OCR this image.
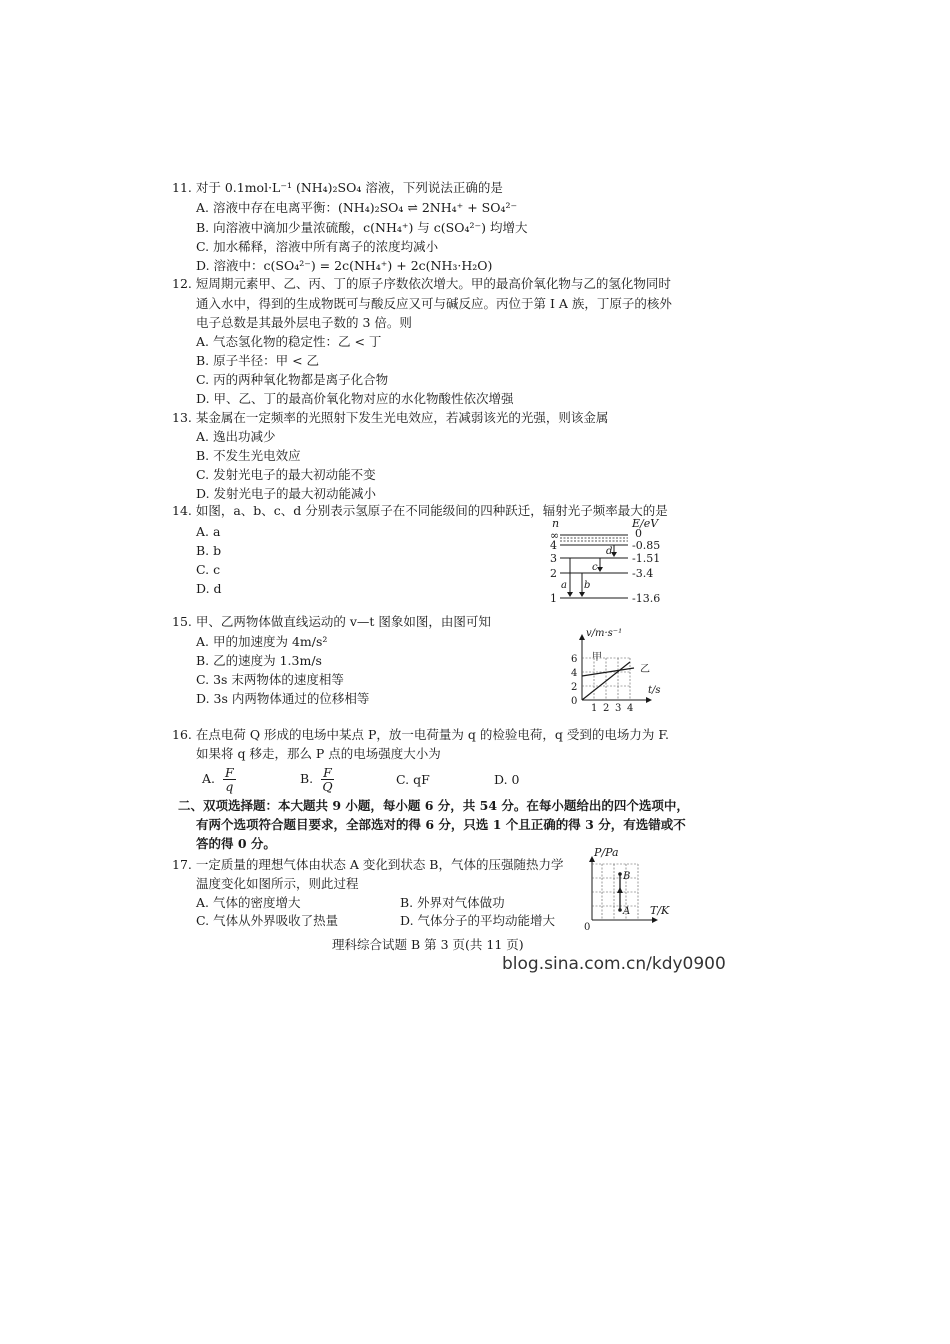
11. 对于 0.1mol·L⁻¹ (NH₄)₂SO₄ 溶液，下列说法正确的是
A. 溶液中存在电离平衡：(NH₄)₂SO₄ ⇌ 2NH₄⁺ + SO₄²⁻
B. 向溶液中滴加少量浓硫酸，c(NH₄⁺) 与 c(SO₄²⁻) 均增大
C. 加水稀释，溶液中所有离子的浓度均减小
D. 溶液中：c(SO₄²⁻) = 2c(NH₄⁺) + 2c(NH₃·H₂O)
12. 短周期元素甲、乙、丙、丁的原子序数依次增大。甲的最高价氧化物与乙的氢化物同时
通入水中，得到的生成物既可与酸反应又可与碱反应。丙位于第 I A 族，丁原子的核外
电子总数是其最外层电子数的 3 倍。则
A. 气态氢化物的稳定性：乙 < 丁
B. 原子半径：甲 < 乙
C. 丙的两种氧化物都是离子化合物
D. 甲、乙、丁的最高价氧化物对应的水化物酸性依次增强
13. 某金属在一定频率的光照射下发生光电效应，若减弱该光的光强，则该金属
A. 逸出功减少
B. 不发生光电效应
C. 发射光电子的最大初动能不变
D. 发射光电子的最大初动能减小
14. 如图，a、b、c、d 分别表示氢原子在不同能级间的四种跃迁，辐射光子频率最大的是
A. a
B. b
C. c
D. d
n	E/eV
∞	0
4	-0.85
3	-1.51
2	-3.4
1	-13.6
a b
c
d
15. 甲、乙两物体做直线运动的 v—t 图象如图，由图可知
A. 甲的加速度为 4m/s²
B. 乙的速度为 1.3m/s
C. 3s 末两物体的速度相等
D. 3s 内两物体通过的位移相等
v/m·s⁻¹
6
4
2
0
1 2 3 4
t/s
甲
乙
16. 在点电荷 Q 形成的电场中某点 P，放一电荷量为 q 的检验电荷，q 受到的电场力为 F.
如果将 q 移走，那么 P 点的电场强度大小为
A. $\frac{F}{q}$	B. $\frac{F}{Q}$	C. qF	D. 0
二、双项选择题：本大题共 9 小题，每小题 6 分，共 54 分。在每小题给出的四个选项中，
有两个选项符合题目要求，全部选对的得 6 分，只选 1 个且正确的得 3 分，有选错或不
答的得 0 分。
17. 一定质量的理想气体由状态 A 变化到状态 B，气体的压强随热力学
温度变化如图所示，则此过程
A. 气体的密度增大	B. 外界对气体做功
C. 气体从外界吸收了热量	D. 气体分子的平均动能增大
P/Pa
A
B
0
T/K
理科综合试题 B 第 3 页(共 11 页)
blog.sina.com.cn/kdy0900
